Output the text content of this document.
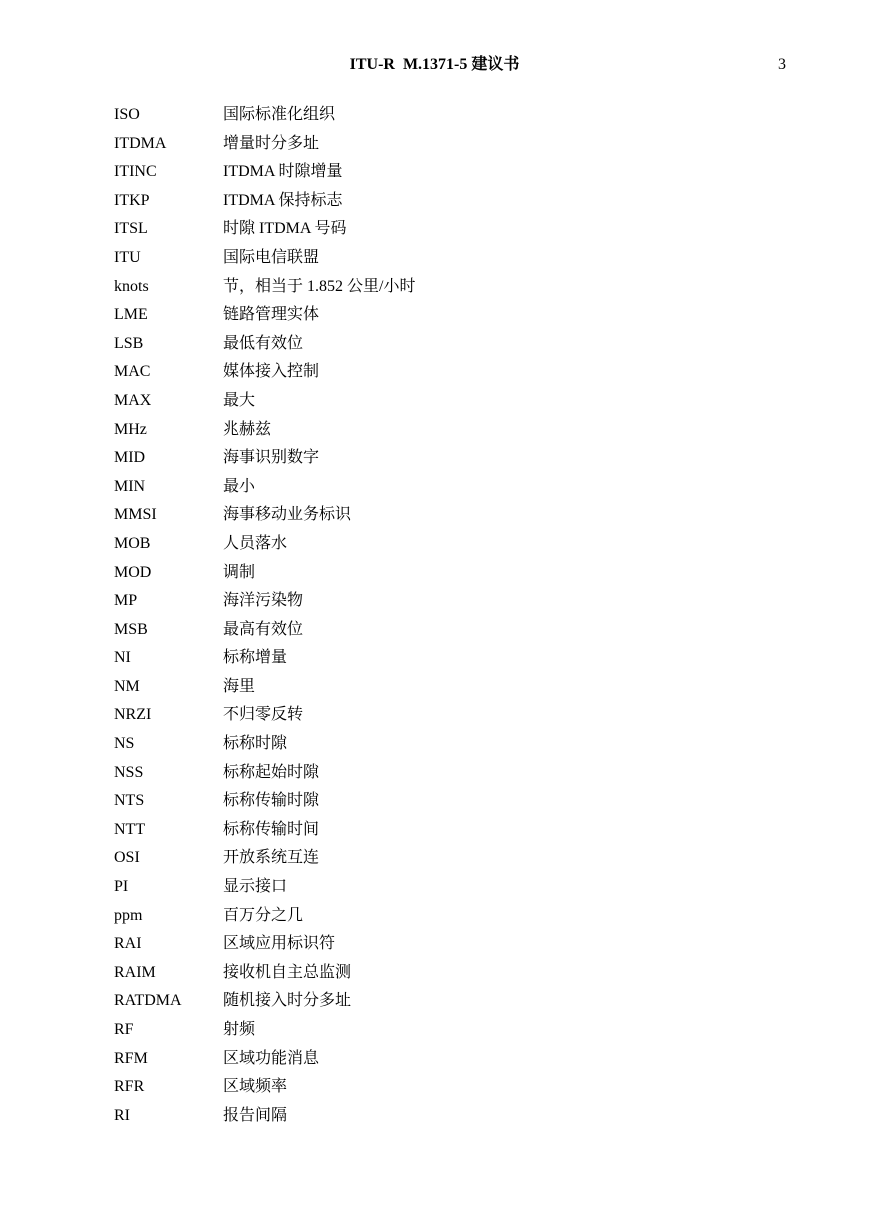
ITU-R  M.1371-5 建议书	3
ISO	国际标准化组织
ITDMA	增量时分多址
ITINC	ITDMA 时隙增量
ITKP	ITDMA 保持标志
ITSL	时隙 ITDMA 号码
ITU	国际电信联盟
knots	节，相当于 1.852 公里/小时
LME	链路管理实体
LSB	最低有效位
MAC	媒体接入控制
MAX	最大
MHz	兆赫兹
MID	海事识别数字
MIN	最小
MMSI	海事移动业务标识
MOB	人员落水
MOD	调制
MP	海洋污染物
MSB	最高有效位
NI	标称增量
NM	海里
NRZI	不归零反转
NS	标称时隙
NSS	标称起始时隙
NTS	标称传输时隙
NTT	标称传输时间
OSI	开放系统互连
PI	显示接口
ppm	百万分之几
RAI	区域应用标识符
RAIM	接收机自主总监测
RATDMA	随机接入时分多址
RF	射频
RFM	区域功能消息
RFR	区域频率
RI	报告间隔
